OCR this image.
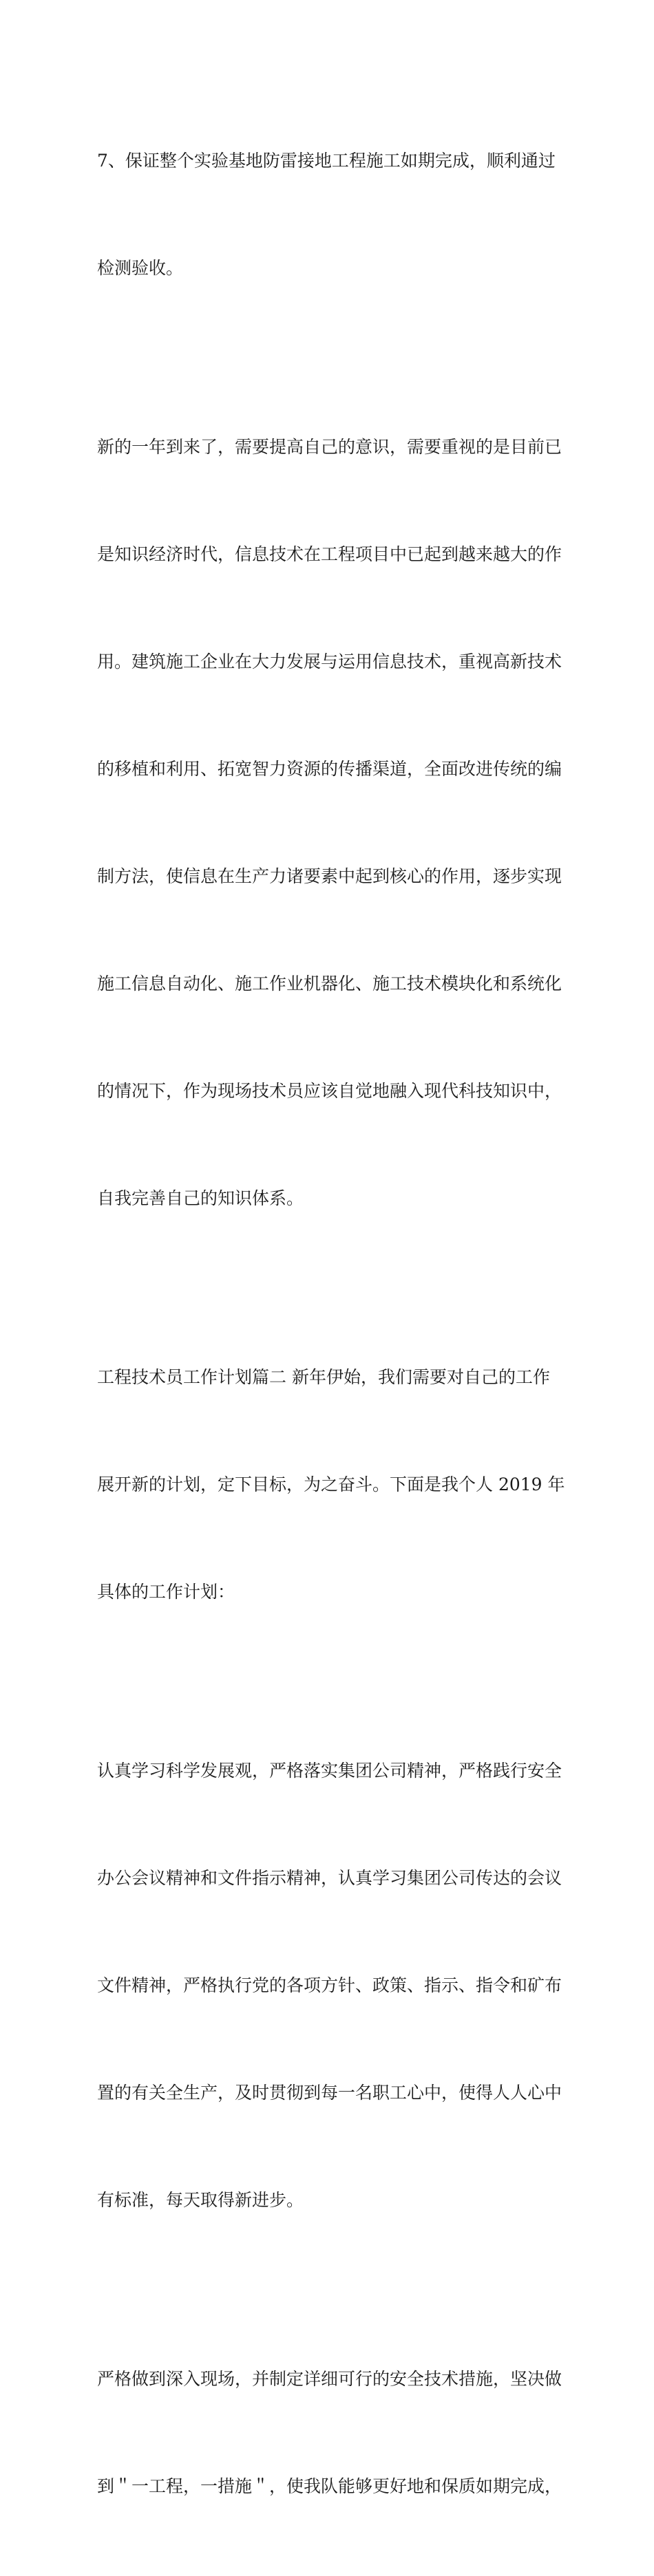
7、保证整个实验基地防雷接地工程施工如期完成，顺利通过

检测验收。

新的一年到来了，需要提高自己的意识，需要重视的是目前已

是知识经济时代，信息技术在工程项目中已起到越来越大的作

用。建筑施工企业在大力发展与运用信息技术，重视高新技术

的移植和利用、拓宽智力资源的传播渠道，全面改进传统的编

制方法，使信息在生产力诸要素中起到核心的作用，逐步实现

施工信息自动化、施工作业机器化、施工技术模块化和系统化

的情况下，作为现场技术员应该自觉地融入现代科技知识中，

自我完善自己的知识体系。

工程技术员工作计划篇二 新年伊始，我们需要对自己的工作

展开新的计划，定下目标，为之奋斗。下面是我个人 2019 年

具体的工作计划：

认真学习科学发展观，严格落实集团公司精神，严格践行安全

办公会议精神和文件指示精神，认真学习集团公司传达的会议

文件精神，严格执行党的各项方针、政策、指示、指令和矿布

置的有关全生产，及时贯彻到每一名职工心中，使得人人心中

有标准，每天取得新进步。

严格做到深入现场，并制定详细可行的安全技术措施，坚决做

到＂一工程，一措施＂，使我队能够更好地和保质如期完成，
